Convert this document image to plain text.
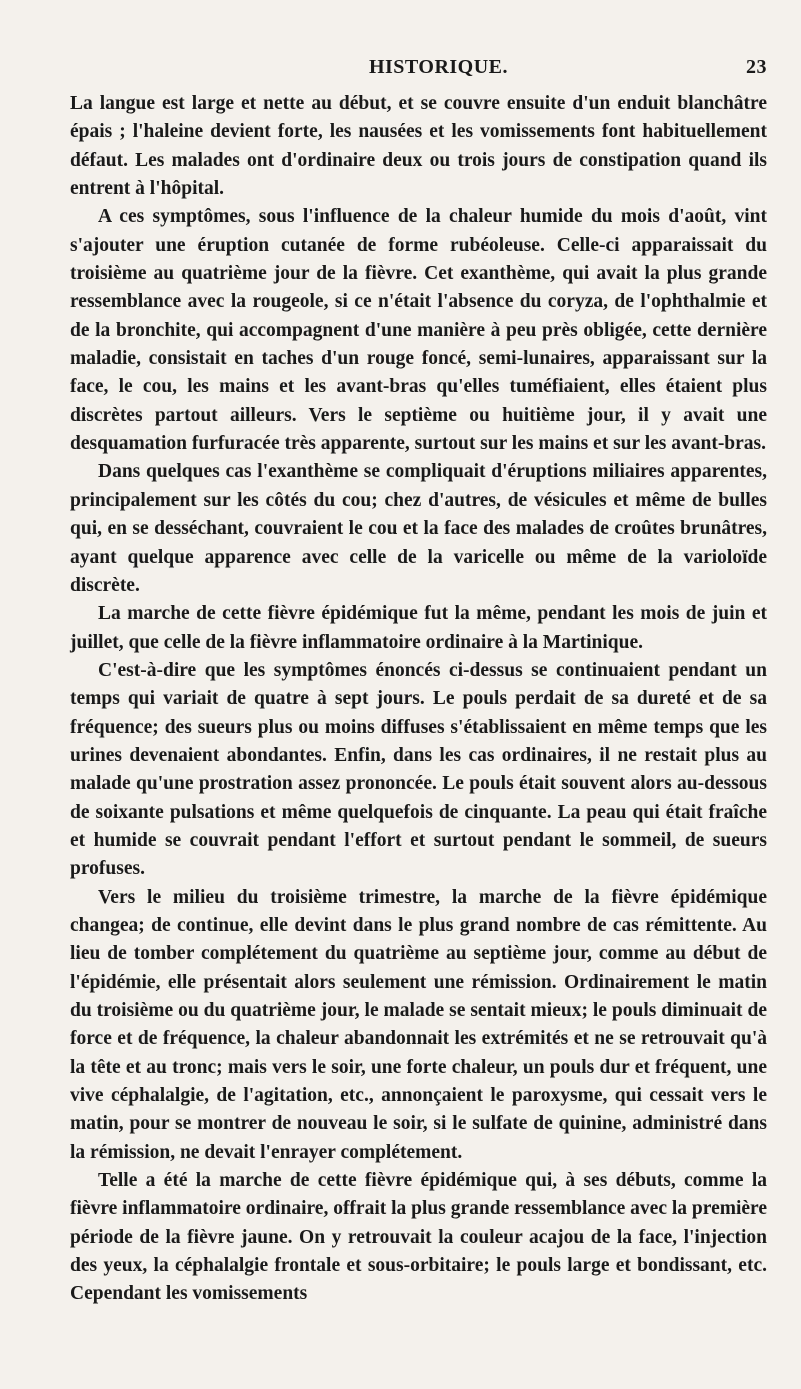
HISTORIQUE.	23

La langue est large et nette au début, et se couvre ensuite d'un enduit blanchâtre épais ; l'haleine devient forte, les nausées et les vomissements font habituellement défaut. Les malades ont d'ordinaire deux ou trois jours de constipation quand ils entrent à l'hôpital.

A ces symptômes, sous l'influence de la chaleur humide du mois d'août, vint s'ajouter une éruption cutanée de forme rubéoleuse. Celle-ci apparaissait du troisième au quatrième jour de la fièvre. Cet exanthème, qui avait la plus grande ressemblance avec la rougeole, si ce n'était l'absence du coryza, de l'ophthalmie et de la bronchite, qui accompagnent d'une manière à peu près obligée, cette dernière maladie, consistait en taches d'un rouge foncé, semi-lunaires, apparaissant sur la face, le cou, les mains et les avant-bras qu'elles tuméfiaient, elles étaient plus discrètes partout ailleurs. Vers le septième ou huitième jour, il y avait une desquamation furfuracée très apparente, surtout sur les mains et sur les avant-bras.

Dans quelques cas l'exanthème se compliquait d'éruptions miliaires apparentes, principalement sur les côtés du cou; chez d'autres, de vésicules et même de bulles qui, en se desséchant, couvraient le cou et la face des malades de croûtes brunâtres, ayant quelque apparence avec celle de la varicelle ou même de la varioloïde discrète.

La marche de cette fièvre épidémique fut la même, pendant les mois de juin et juillet, que celle de la fièvre inflammatoire ordinaire à la Martinique.

C'est-à-dire que les symptômes énoncés ci-dessus se continuaient pendant un temps qui variait de quatre à sept jours. Le pouls perdait de sa dureté et de sa fréquence; des sueurs plus ou moins diffuses s'établissaient en même temps que les urines devenaient abondantes. Enfin, dans les cas ordinaires, il ne restait plus au malade qu'une prostration assez prononcée. Le pouls était souvent alors au-dessous de soixante pulsations et même quelquefois de cinquante. La peau qui était fraîche et humide se couvrait pendant l'effort et surtout pendant le sommeil, de sueurs profuses.

Vers le milieu du troisième trimestre, la marche de la fièvre épidémique changea; de continue, elle devint dans le plus grand nombre de cas rémittente. Au lieu de tomber complétement du quatrième au septième jour, comme au début de l'épidémie, elle présentait alors seulement une rémission. Ordinairement le matin du troisième ou du quatrième jour, le malade se sentait mieux; le pouls diminuait de force et de fréquence, la chaleur abandonnait les extrémités et ne se retrouvait qu'à la tête et au tronc; mais vers le soir, une forte chaleur, un pouls dur et fréquent, une vive céphalalgie, de l'agitation, etc., annonçaient le paroxysme, qui cessait vers le matin, pour se montrer de nouveau le soir, si le sulfate de quinine, administré dans la rémission, ne devait l'enrayer complétement.

Telle a été la marche de cette fièvre épidémique qui, à ses débuts, comme la fièvre inflammatoire ordinaire, offrait la plus grande ressemblance avec la première période de la fièvre jaune. On y retrouvait la couleur acajou de la face, l'injection des yeux, la céphalalgie frontale et sous-orbitaire; le pouls large et bondissant, etc. Cependant les vomissements
